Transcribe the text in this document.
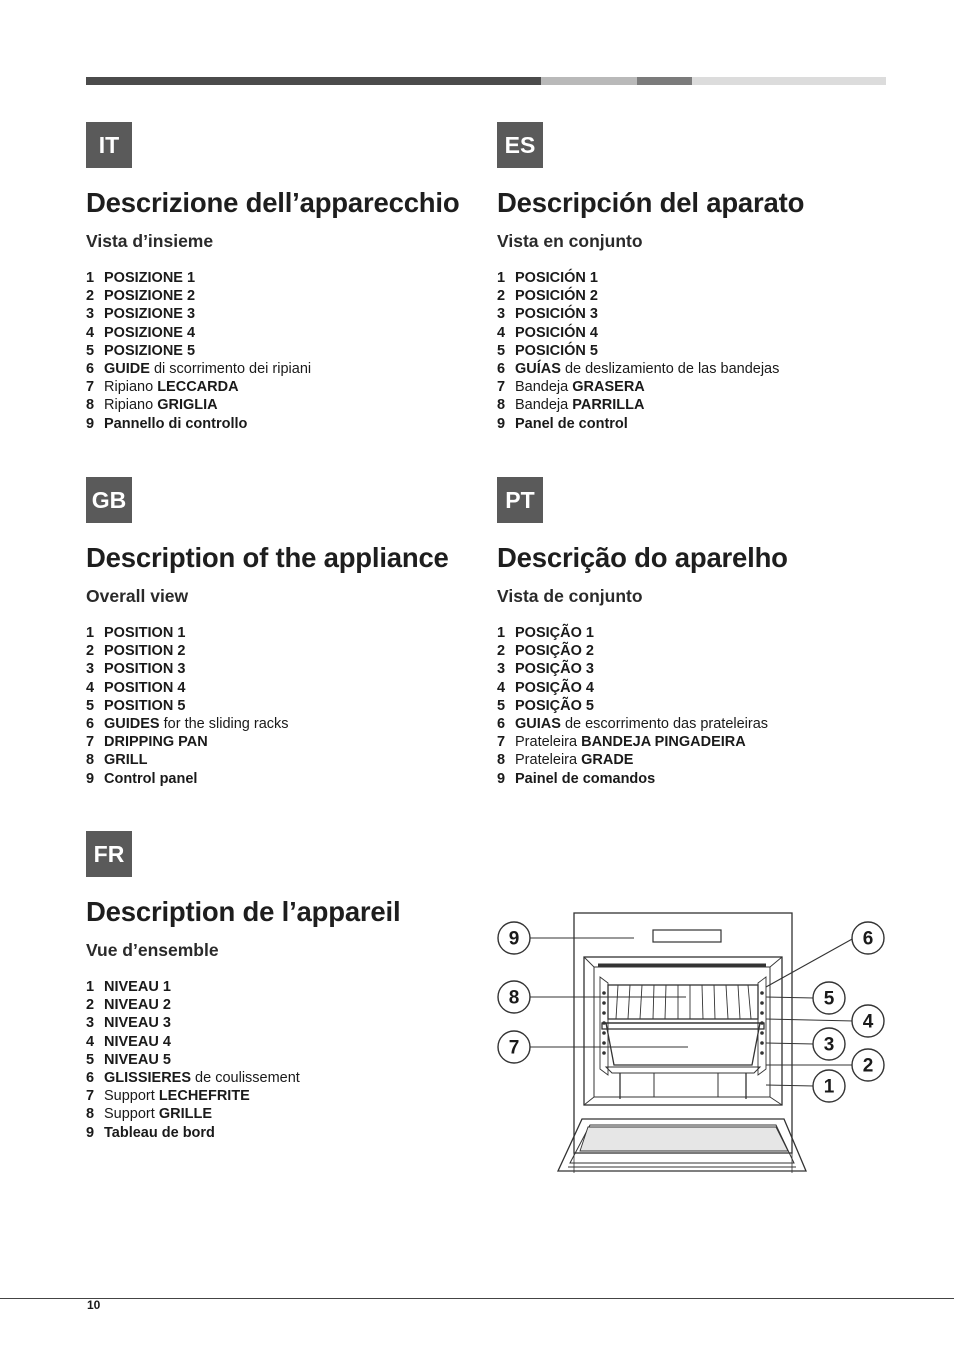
IT
Descrizione dell’apparecchio
Vista d’insieme
1 POSIZIONE 1
2 POSIZIONE 2
3 POSIZIONE 3
4 POSIZIONE 4
5 POSIZIONE 5
6 GUIDE di scorrimento dei ripiani
7 Ripiano LECCARDA
8 Ripiano GRIGLIA
9 Pannello di controllo
ES
Descripción del aparato
Vista en conjunto
1 POSICIÓN 1
2 POSICIÓN 2
3 POSICIÓN 3
4 POSICIÓN 4
5 POSICIÓN 5
6 GUÍAS de deslizamiento de las bandejas
7 Bandeja GRASERA
8 Bandeja PARRILLA
9 Panel de control
GB
Description of the appliance
Overall view
1 POSITION 1
2 POSITION 2
3 POSITION 3
4 POSITION 4
5 POSITION 5
6 GUIDES for the sliding racks
7 DRIPPING PAN
8 GRILL
9 Control panel
PT
Descrição do aparelho
Vista de conjunto
1 POSIÇÃO 1
2 POSIÇÃO 2
3 POSIÇÃO 3
4 POSIÇÃO 4
5 POSIÇÃO 5
6 GUIAS de escorrimento das prateleiras
7 Prateleira BANDEJA PINGADEIRA
8 Prateleira GRADE
9 Painel de comandos
FR
Description de l’appareil
Vue d’ensemble
1 NIVEAU 1
2 NIVEAU 2
3 NIVEAU 3
4 NIVEAU 4
5 NIVEAU 5
6 GLISSIERES de coulissement
7 Support LECHEFRITE
8 Support GRILLE
9 Tableau de bord
9
8
7
6
5
4
3
2
1
10
